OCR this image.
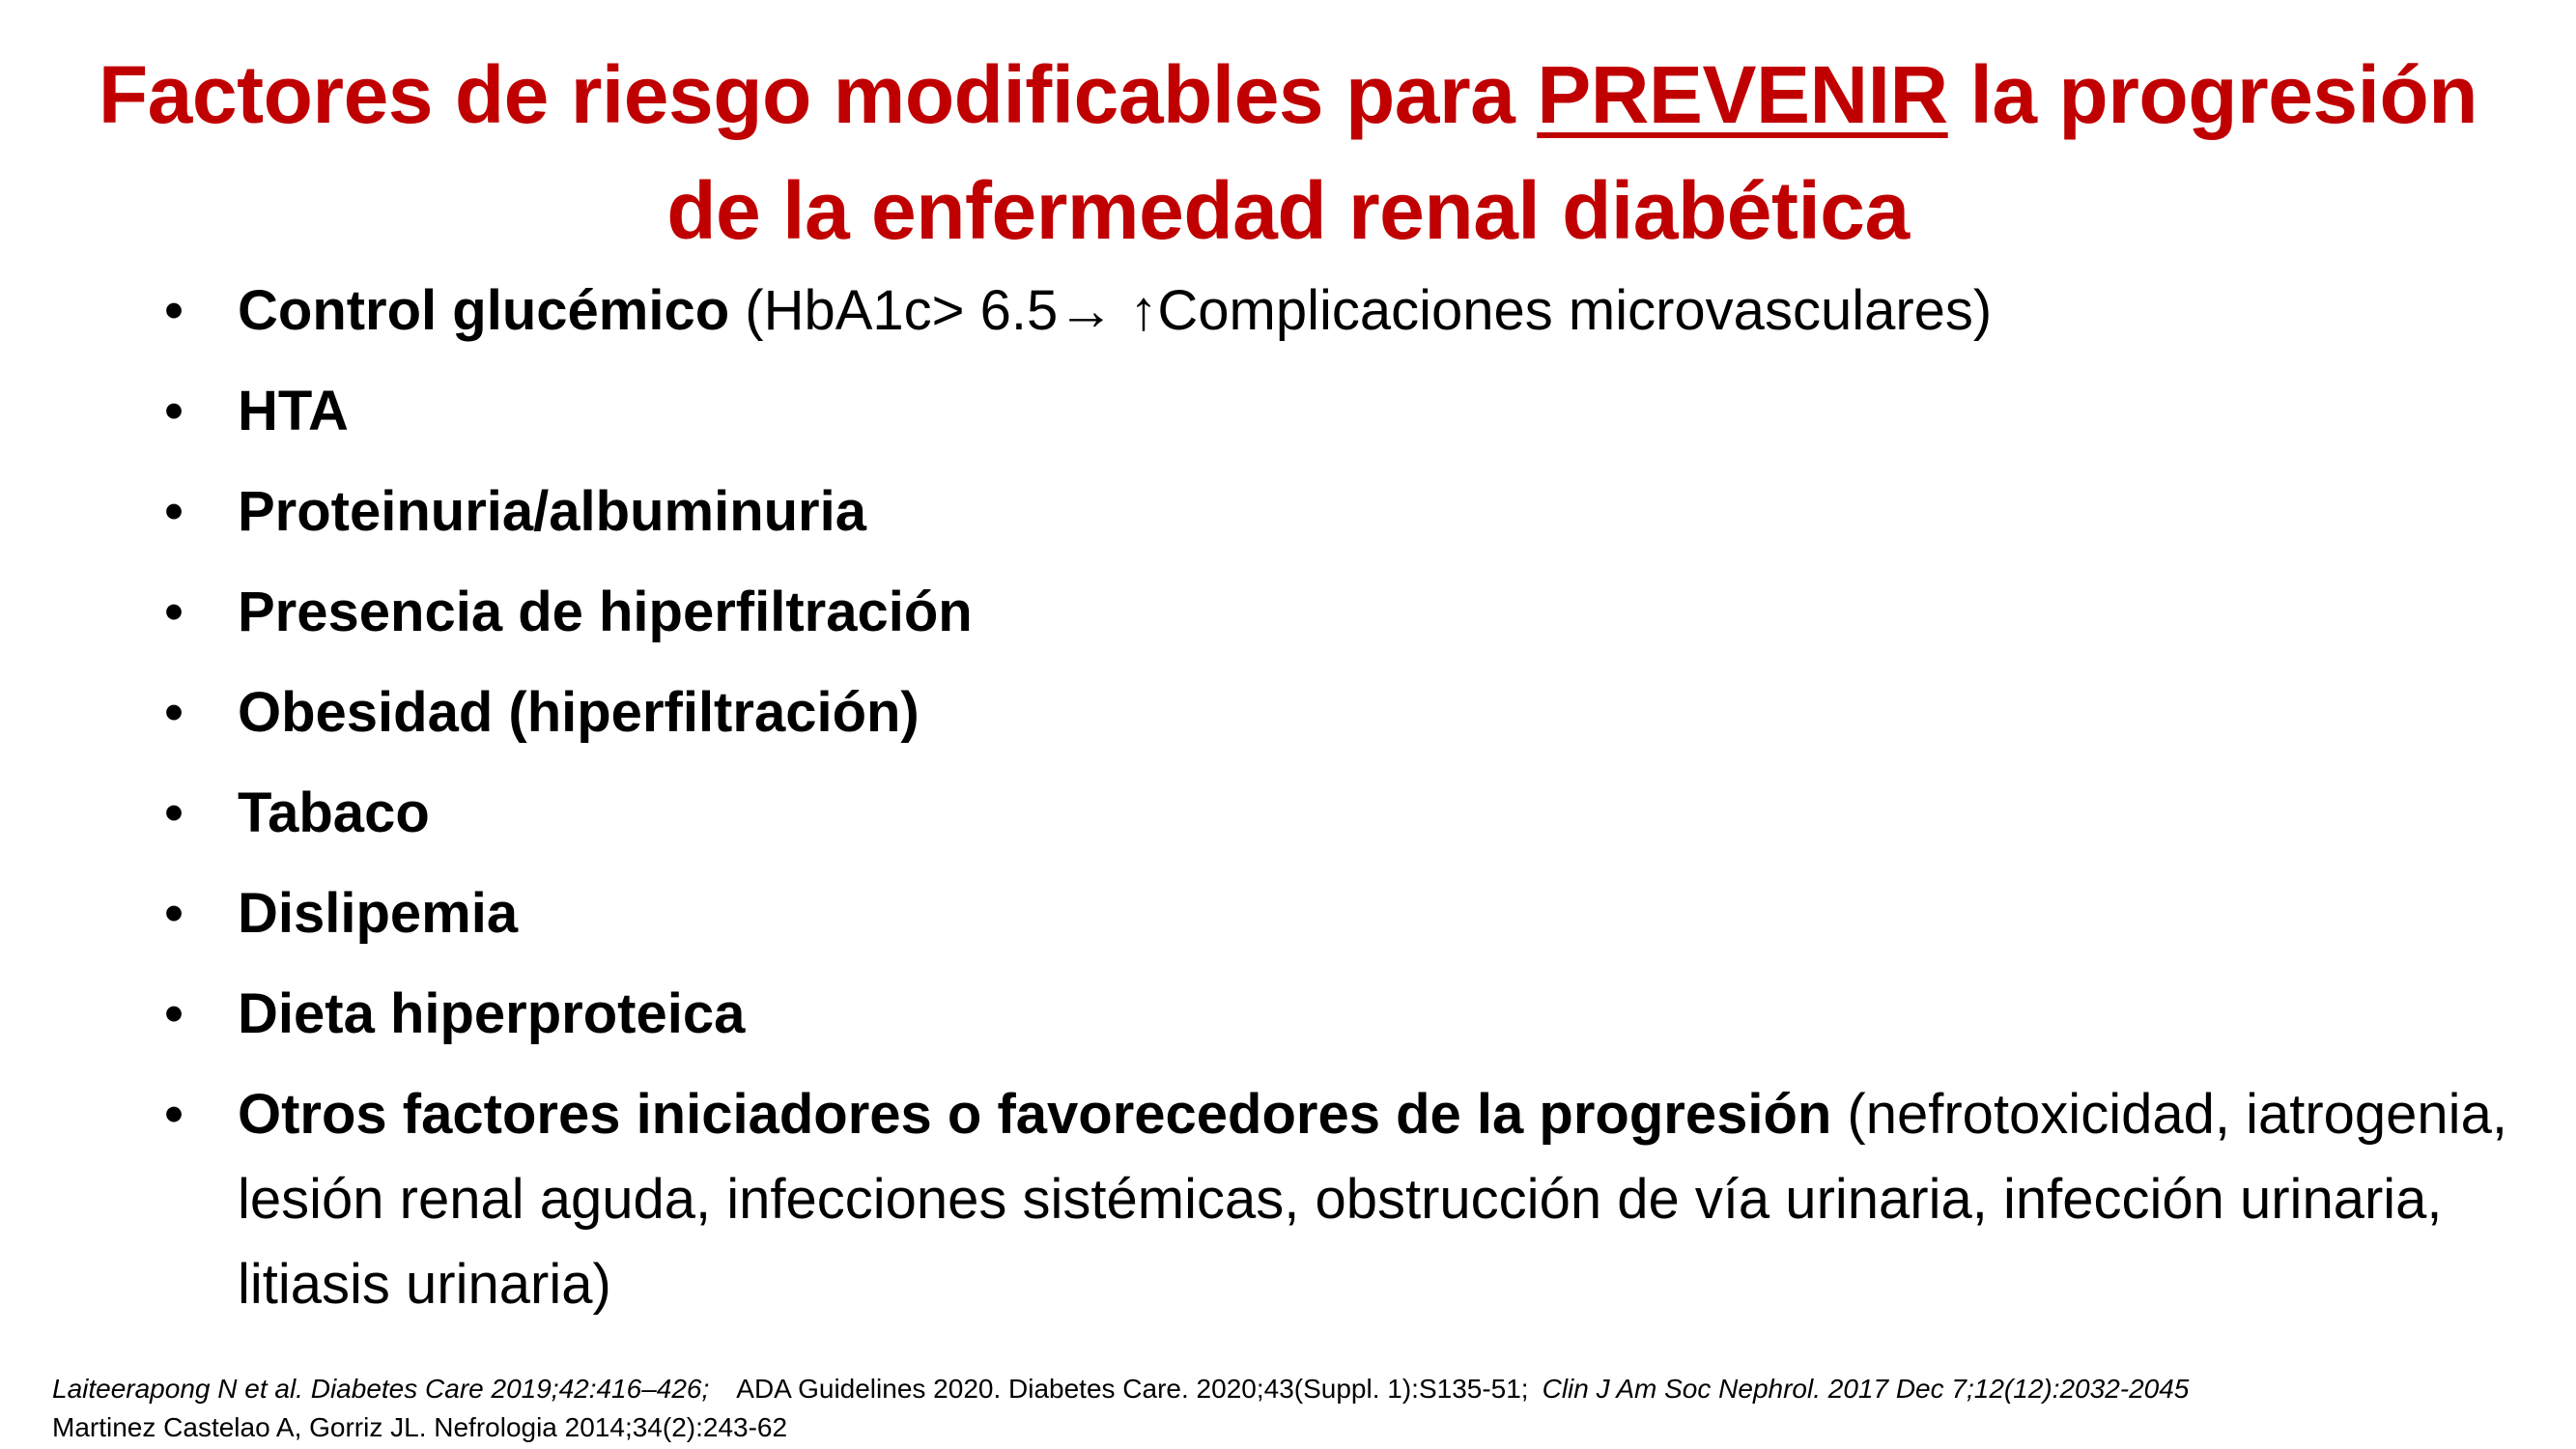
Factores de riesgo modificables para PREVENIR la progresión
de la enfermedad renal diabética
• Control glucémico (HbA1c> 6.5→ ↑Complicaciones microvasculares)
• HTA
• Proteinuria/albuminuria
• Presencia de hiperfiltración
• Obesidad (hiperfiltración)
• Tabaco
• Dislipemia
• Dieta hiperproteica
• Otros factores iniciadores o favorecedores de la progresión (nefrotoxicidad, iatrogenia, lesión renal aguda, infecciones sistémicas, obstrucción de vía urinaria, infección urinaria, litiasis urinaria)
Laiteerapong N et al. Diabetes Care 2019;42:416–426; ADA Guidelines 2020. Diabetes Care. 2020;43(Suppl. 1):S135-51; Clin J Am Soc Nephrol. 2017 Dec 7;12(12):2032-2045
Martinez Castelao A, Gorriz JL. Nefrologia 2014;34(2):243-62
